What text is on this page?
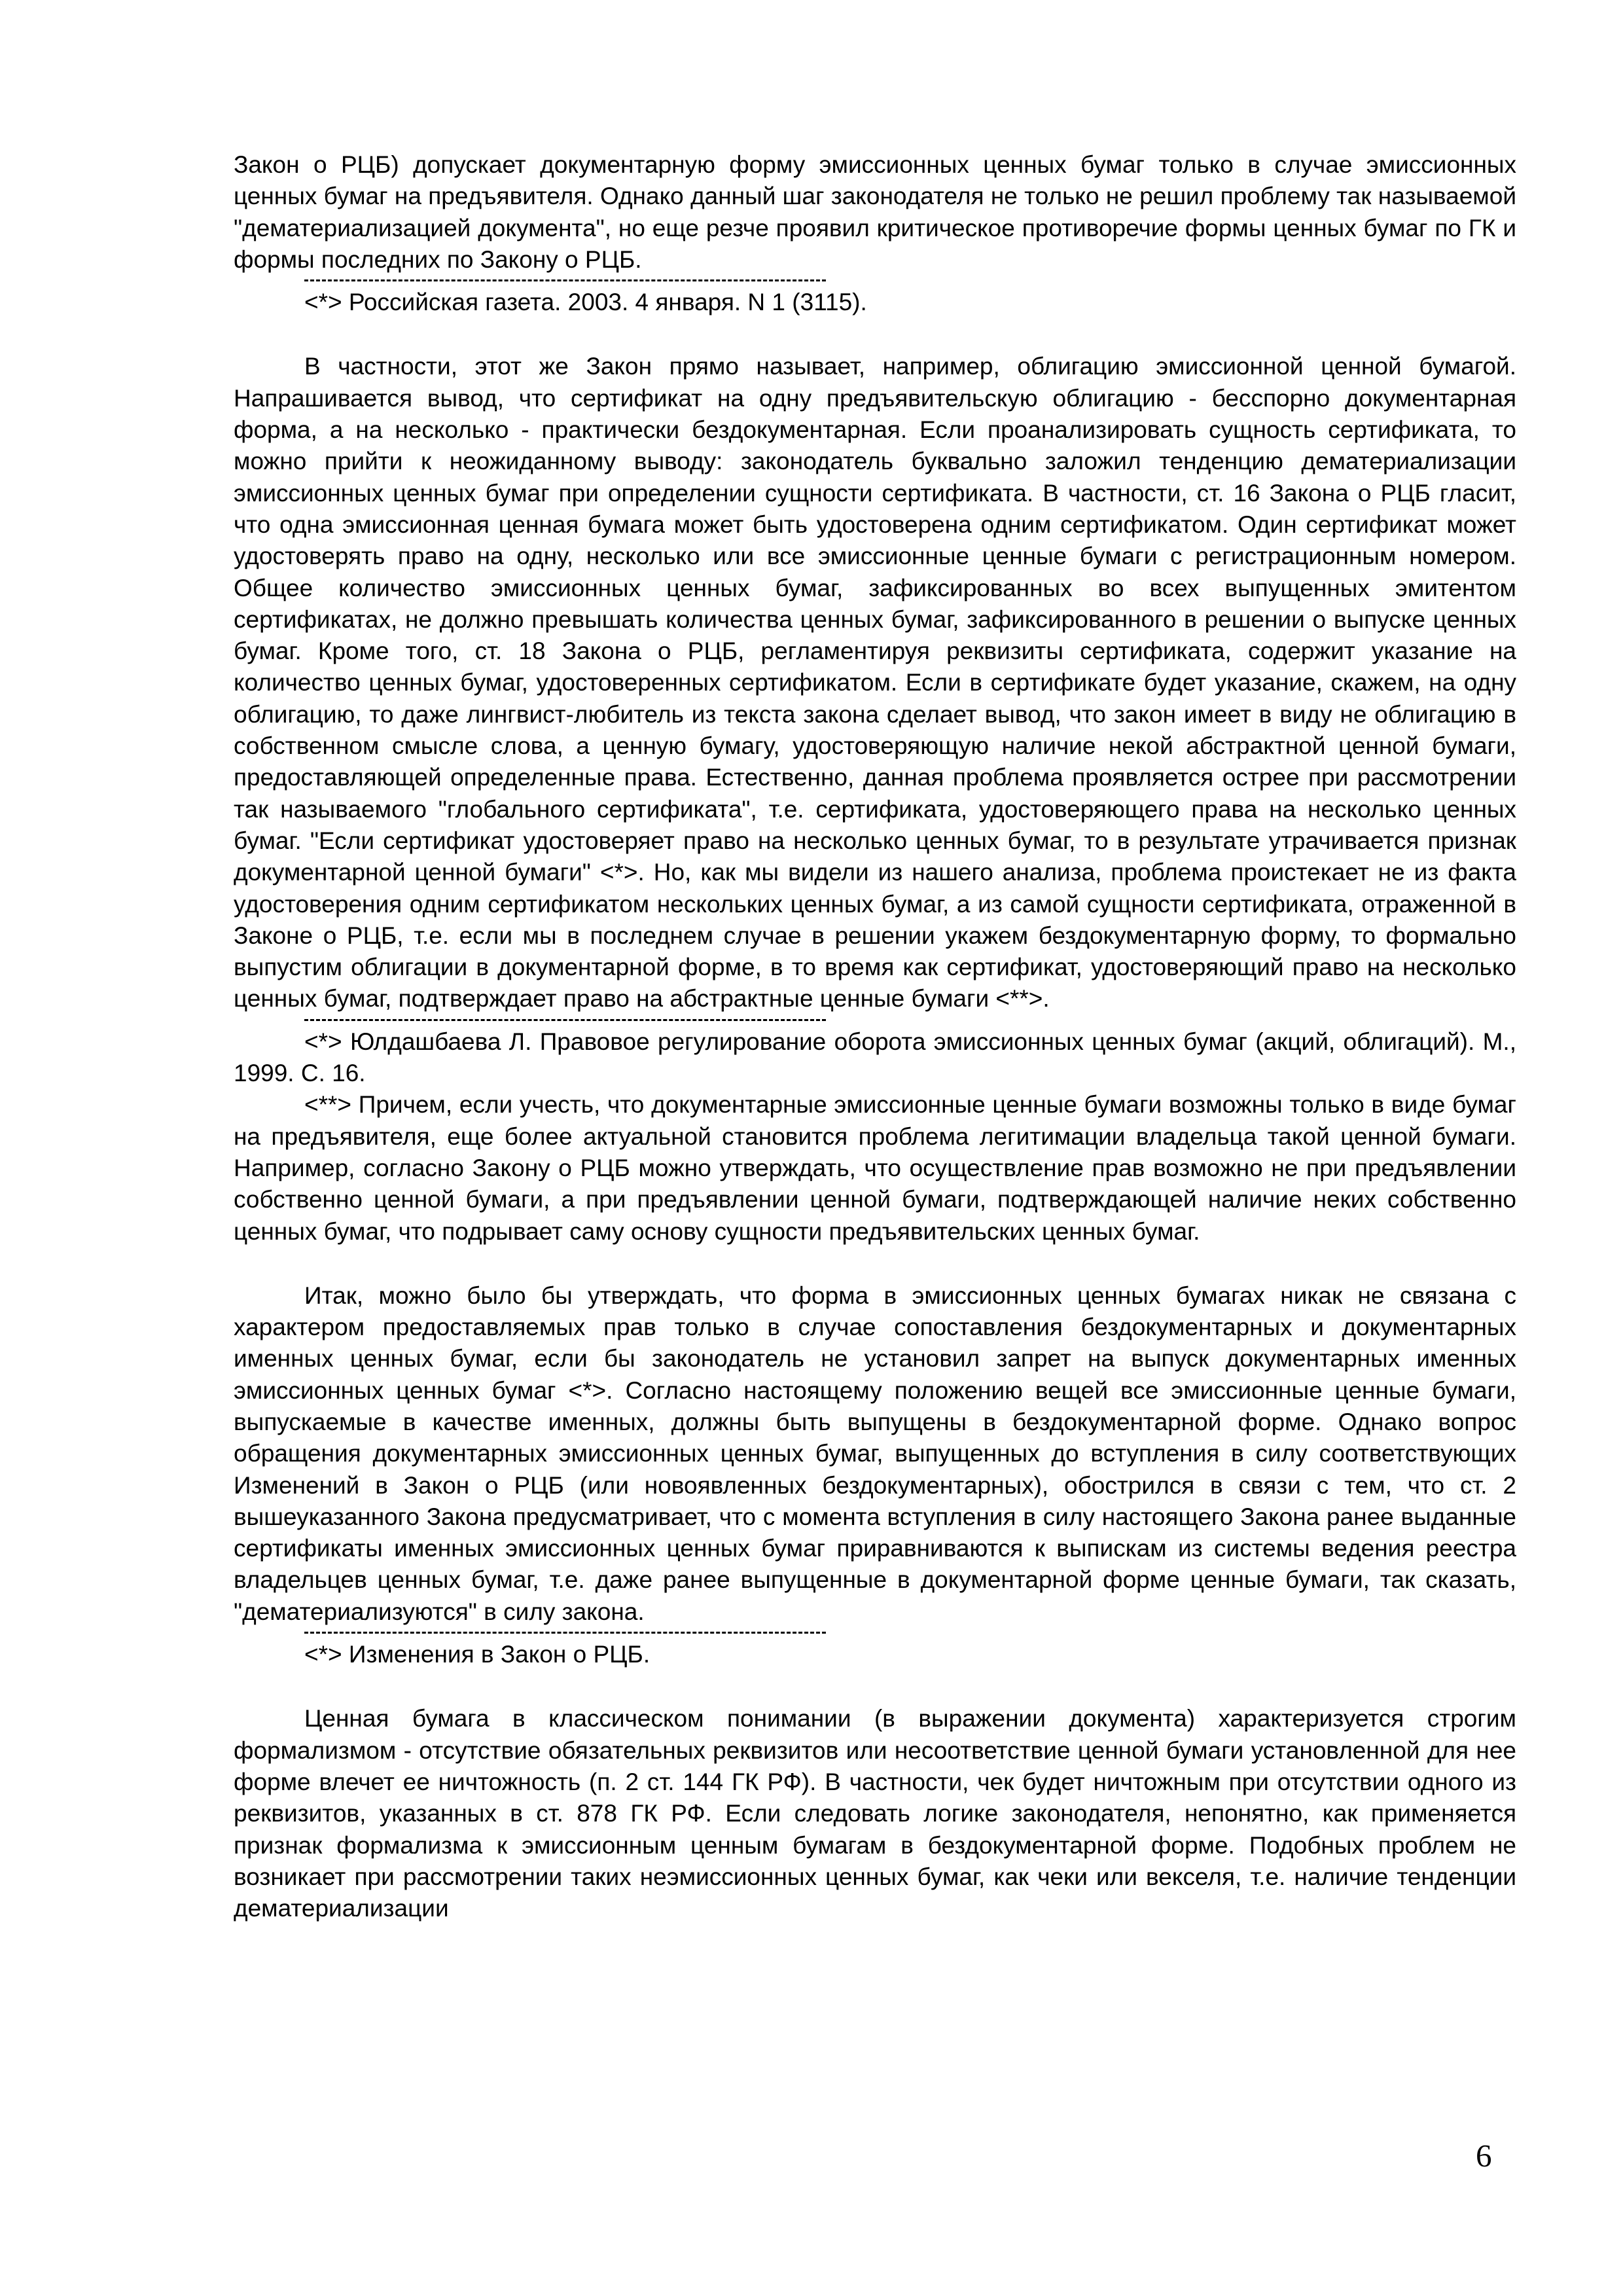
Закон о РЦБ) допускает документарную форму эмиссионных ценных бумаг только в случае эмиссионных ценных бумаг на предъявителя. Однако данный шаг законодателя не только не решил проблему так называемой "дематериализацией документа", но еще резче проявил критическое противоречие формы ценных бумаг по ГК и формы последних по Закону о РЦБ.

<*> Российская газета. 2003. 4 января. N 1 (3115).

В частности, этот же Закон прямо называет, например, облигацию эмиссионной ценной бумагой. Напрашивается вывод, что сертификат на одну предъявительскую облигацию - бесспорно документарная форма, а на несколько - практически бездокументарная. Если проанализировать сущность сертификата, то можно прийти к неожиданному выводу: законодатель буквально заложил тенденцию дематериализации эмиссионных ценных бумаг при определении сущности сертификата. В частности, ст. 16 Закона о РЦБ гласит, что одна эмиссионная ценная бумага может быть удостоверена одним сертификатом. Один сертификат может удостоверять право на одну, несколько или все эмиссионные ценные бумаги с регистрационным номером. Общее количество эмиссионных ценных бумаг, зафиксированных во всех выпущенных эмитентом сертификатах, не должно превышать количества ценных бумаг, зафиксированного в решении о выпуске ценных бумаг. Кроме того, ст. 18 Закона о РЦБ, регламентируя реквизиты сертификата, содержит указание на количество ценных бумаг, удостоверенных сертификатом. Если в сертификате будет указание, скажем, на одну облигацию, то даже лингвист-любитель из текста закона сделает вывод, что закон имеет в виду не облигацию в собственном смысле слова, а ценную бумагу, удостоверяющую наличие некой абстрактной ценной бумаги, предоставляющей определенные права. Естественно, данная проблема проявляется острее при рассмотрении так называемого "глобального сертификата", т.е. сертификата, удостоверяющего права на несколько ценных бумаг. "Если сертификат удостоверяет право на несколько ценных бумаг, то в результате утрачивается признак документарной ценной бумаги" <*>. Но, как мы видели из нашего анализа, проблема проистекает не из факта удостоверения одним сертификатом нескольких ценных бумаг, а из самой сущности сертификата, отраженной в Законе о РЦБ, т.е. если мы в последнем случае в решении укажем бездокументарную форму, то формально выпустим облигации в документарной форме, в то время как сертификат, удостоверяющий право на несколько ценных бумаг, подтверждает право на абстрактные ценные бумаги <**>.

<*> Юлдашбаева Л. Правовое регулирование оборота эмиссионных ценных бумаг (акций, облигаций). М., 1999. С. 16.

<**> Причем, если учесть, что документарные эмиссионные ценные бумаги возможны только в виде бумаг на предъявителя, еще более актуальной становится проблема легитимации владельца такой ценной бумаги. Например, согласно Закону о РЦБ можно утверждать, что осуществление прав возможно не при предъявлении собственно ценной бумаги, а при предъявлении ценной бумаги, подтверждающей наличие неких собственно ценных бумаг, что подрывает саму основу сущности предъявительских ценных бумаг.

Итак, можно было бы утверждать, что форма в эмиссионных ценных бумагах никак не связана с характером предоставляемых прав только в случае сопоставления бездокументарных и документарных именных ценных бумаг, если бы законодатель не установил запрет на выпуск документарных именных эмиссионных ценных бумаг <*>. Согласно настоящему положению вещей все эмиссионные ценные бумаги, выпускаемые в качестве именных, должны быть выпущены в бездокументарной форме. Однако вопрос обращения документарных эмиссионных ценных бумаг, выпущенных до вступления в силу соответствующих Изменений в Закон о РЦБ (или новоявленных бездокументарных), обострился в связи с тем, что ст. 2 вышеуказанного Закона предусматривает, что с момента вступления в силу настоящего Закона ранее выданные сертификаты именных эмиссионных ценных бумаг приравниваются к выпискам из системы ведения реестра владельцев ценных бумаг, т.е. даже ранее выпущенные в документарной форме ценные бумаги, так сказать, "дематериализуются" в силу закона.

<*> Изменения в Закон о РЦБ.

Ценная бумага в классическом понимании (в выражении документа) характеризуется строгим формализмом - отсутствие обязательных реквизитов или несоответствие ценной бумаги установленной для нее форме влечет ее ничтожность (п. 2 ст. 144 ГК РФ). В частности, чек будет ничтожным при отсутствии одного из реквизитов, указанных в ст. 878 ГК РФ. Если следовать логике законодателя, непонятно, как применяется признак формализма к эмиссионным ценным бумагам в бездокументарной форме. Подобных проблем не возникает при рассмотрении таких неэмиссионных ценных бумаг, как чеки или векселя, т.е. наличие тенденции дематериализации

6
